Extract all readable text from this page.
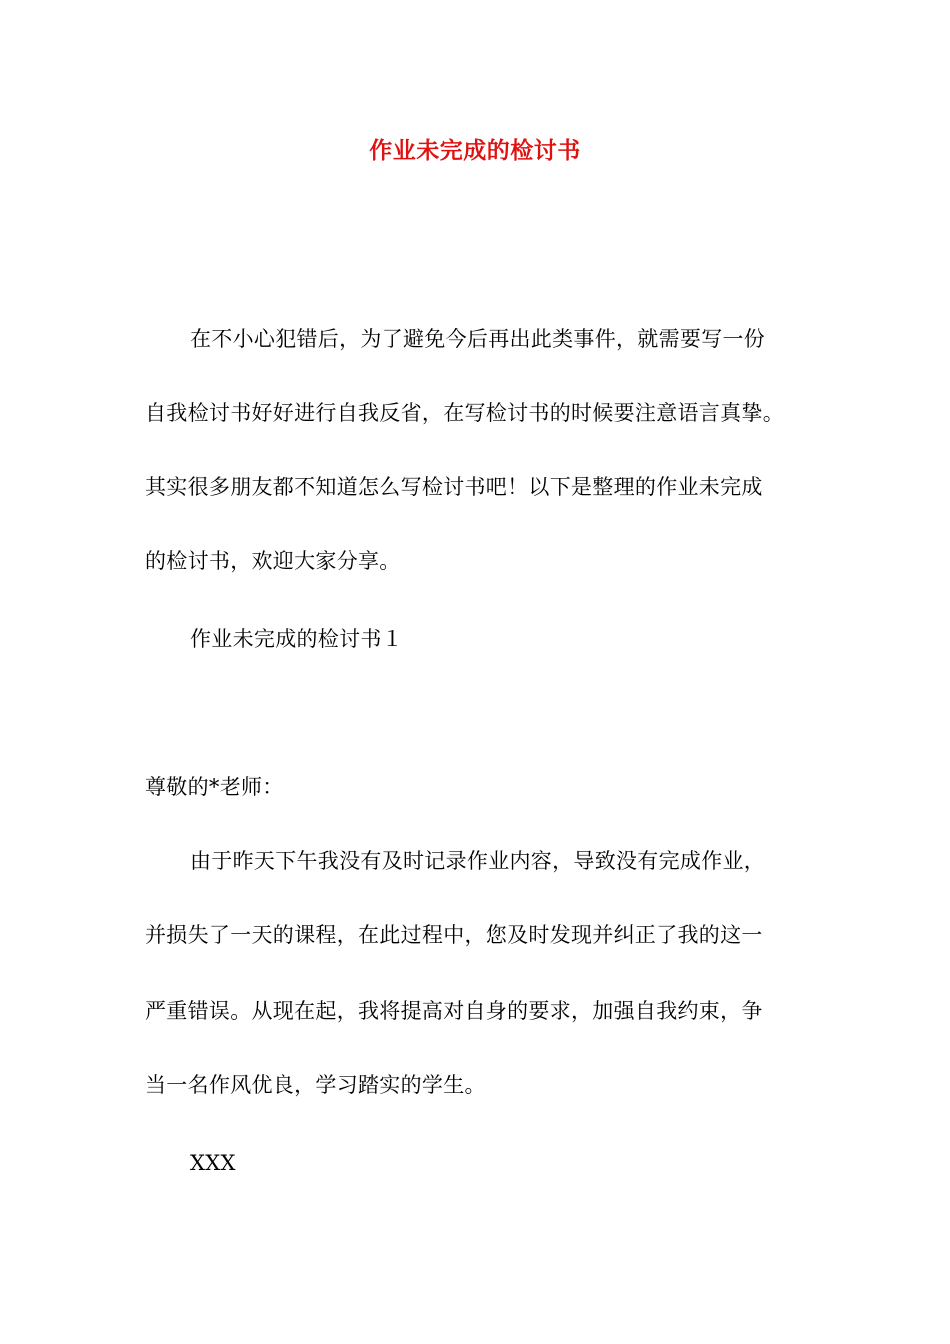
作业未完成的检讨书
在不小心犯错后，为了避免今后再出此类事件，就需要写一份
自我检讨书好好进行自我反省，在写检讨书的时候要注意语言真挚。
其实很多朋友都不知道怎么写检讨书吧！以下是整理的作业未完成
的检讨书，欢迎大家分享。
作业未完成的检讨书１
尊敬的*老师：
由于昨天下午我没有及时记录作业内容，导致没有完成作业，
并损失了一天的课程，在此过程中，您及时发现并纠正了我的这一
严重错误。从现在起，我将提高对自身的要求，加强自我约束，争
当一名作风优良，学习踏实的学生。
XXX
